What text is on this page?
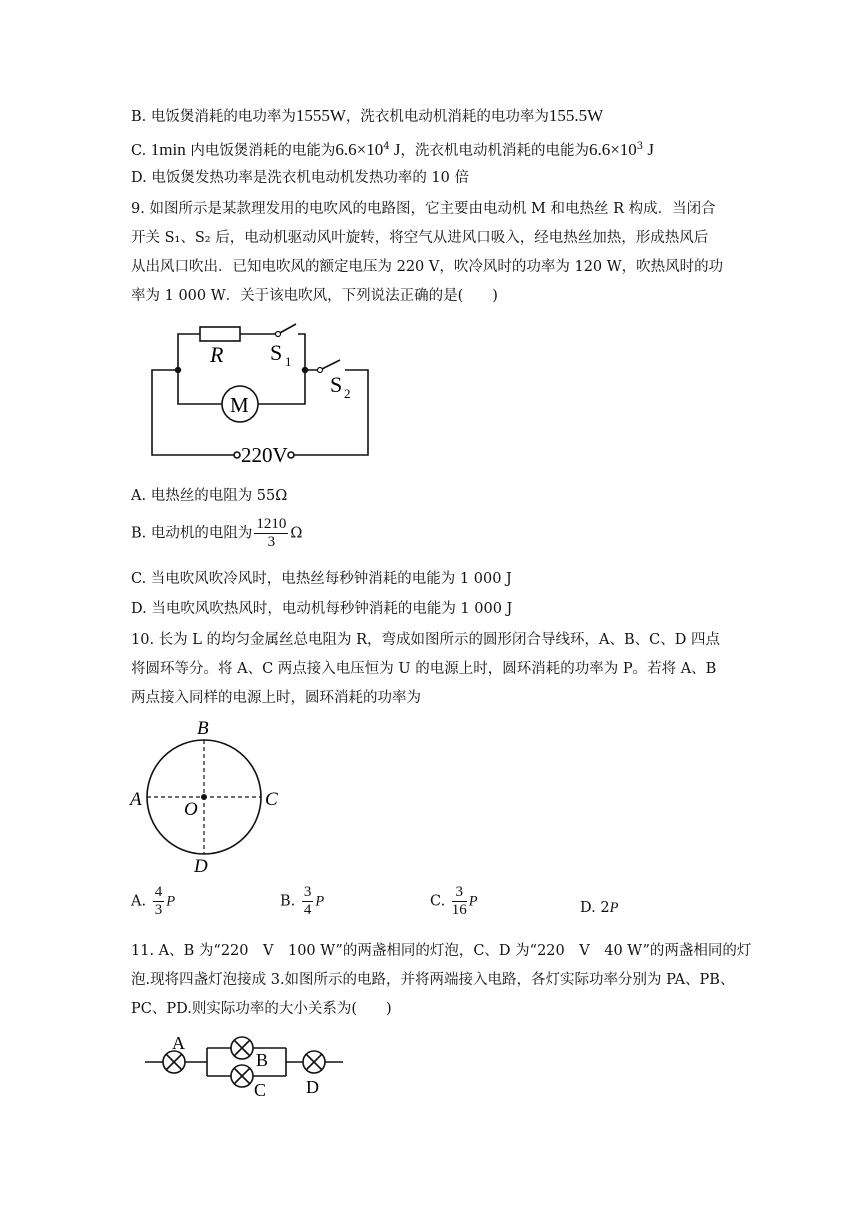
B. 电饭煲消耗的电功率为1555W，洗衣机电动机消耗的电功率为155.5W
C. 1min 内电饭煲消耗的电能为$6.6\times 10^4$ J，洗衣机电动机消耗的电能为$6.6\times 10^3$ J
D. 电饭煲发热功率是洗衣机电动机发热功率的 10 倍
9. 如图所示是某款理发用的电吹风的电路图，它主要由电动机 M 和电热丝 R 构成．当闭合
开关 S₁、S₂ 后，电动机驱动风叶旋转，将空气从进风口吸入，经电热丝加热，形成热风后
从出风口吹出．已知电吹风的额定电压为 220 V，吹冷风时的功率为 120 W，吹热风时的功
率为 1 000 W．关于该电吹风，下列说法正确的是(　　)
R S 1
S 2
M
220V
A. 电热丝的电阻为 55Ω
B. 电动机的电阻为 $\frac{1210}{3}$ Ω
C. 当电吹风吹冷风时，电热丝每秒钟消耗的电能为 1 000 J
D. 当电吹风吹热风时，电动机每秒钟消耗的电能为 1 000 J
10. 长为 L 的均匀金属丝总电阻为 R，弯成如图所示的圆形闭合导线环，A、B、C、D 四点
将圆环等分。将 A、C 两点接入电压恒为 U 的电源上时，圆环消耗的功率为 P。若将 A、B
两点接入同样的电源上时，圆环消耗的功率为
B
A	C
D
O
A. $\frac{4}{3}$ P	B. $\frac{3}{4}$ P	C. $\frac{3}{16}$ P	D. 2P
11. A、B 为“220　V　100 W”的两盏相同的灯泡，C、D 为“220　V　40 W”的两盏相同的灯
泡.现将四盏灯泡接成 3.如图所示的电路，并将两端接入电路，各灯实际功率分别为 PA、PB、
PC、PD.则实际功率的大小关系为(　　)
A
B
C D
